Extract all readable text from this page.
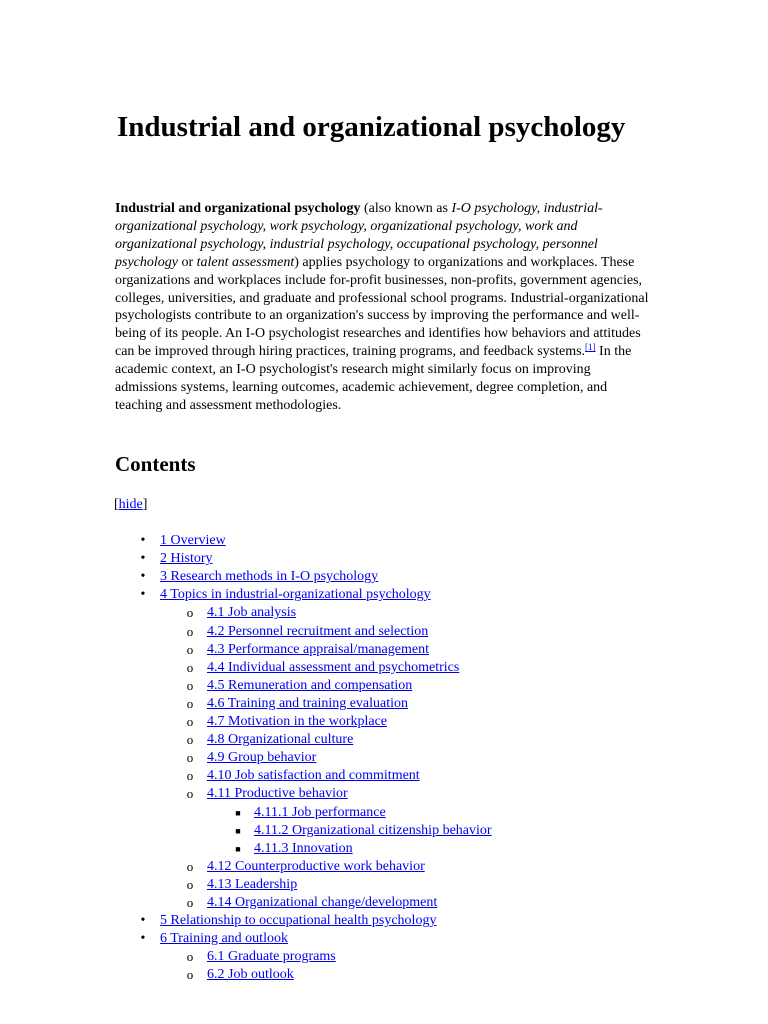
Industrial and organizational psychology

Industrial and organizational psychology (also known as I-O psychology, industrial-organizational psychology, work psychology, organizational psychology, work and organizational psychology, industrial psychology, occupational psychology, personnel psychology or talent assessment) applies psychology to organizations and workplaces. These organizations and workplaces include for-profit businesses, non-profits, government agencies, colleges, universities, and graduate and professional school programs. Industrial-organizational psychologists contribute to an organization's success by improving the performance and well-being of its people. An I-O psychologist researches and identifies how behaviors and attitudes can be improved through hiring practices, training programs, and feedback systems.[1] In the academic context, an I-O psychologist's research might similarly focus on improving admissions systems, learning outcomes, academic achievement, degree completion, and teaching and assessment methodologies.

Contents
[hide]
•	1 Overview
•	2 History
•	3 Research methods in I-O psychology
•	4 Topics in industrial-organizational psychology
o 4.1 Job analysis
o 4.2 Personnel recruitment and selection
o 4.3 Performance appraisal/management
o 4.4 Individual assessment and psychometrics
o 4.5 Remuneration and compensation
o 4.6 Training and training evaluation
o 4.7 Motivation in the workplace
o 4.8 Organizational culture
o 4.9 Group behavior
o 4.10 Job satisfaction and commitment
o 4.11 Productive behavior
■ 4.11.1 Job performance
■ 4.11.2 Organizational citizenship behavior
■ 4.11.3 Innovation
o 4.12 Counterproductive work behavior
o 4.13 Leadership
o 4.14 Organizational change/development
•	5 Relationship to occupational health psychology
•	6 Training and outlook
o 6.1 Graduate programs
o 6.2 Job outlook
